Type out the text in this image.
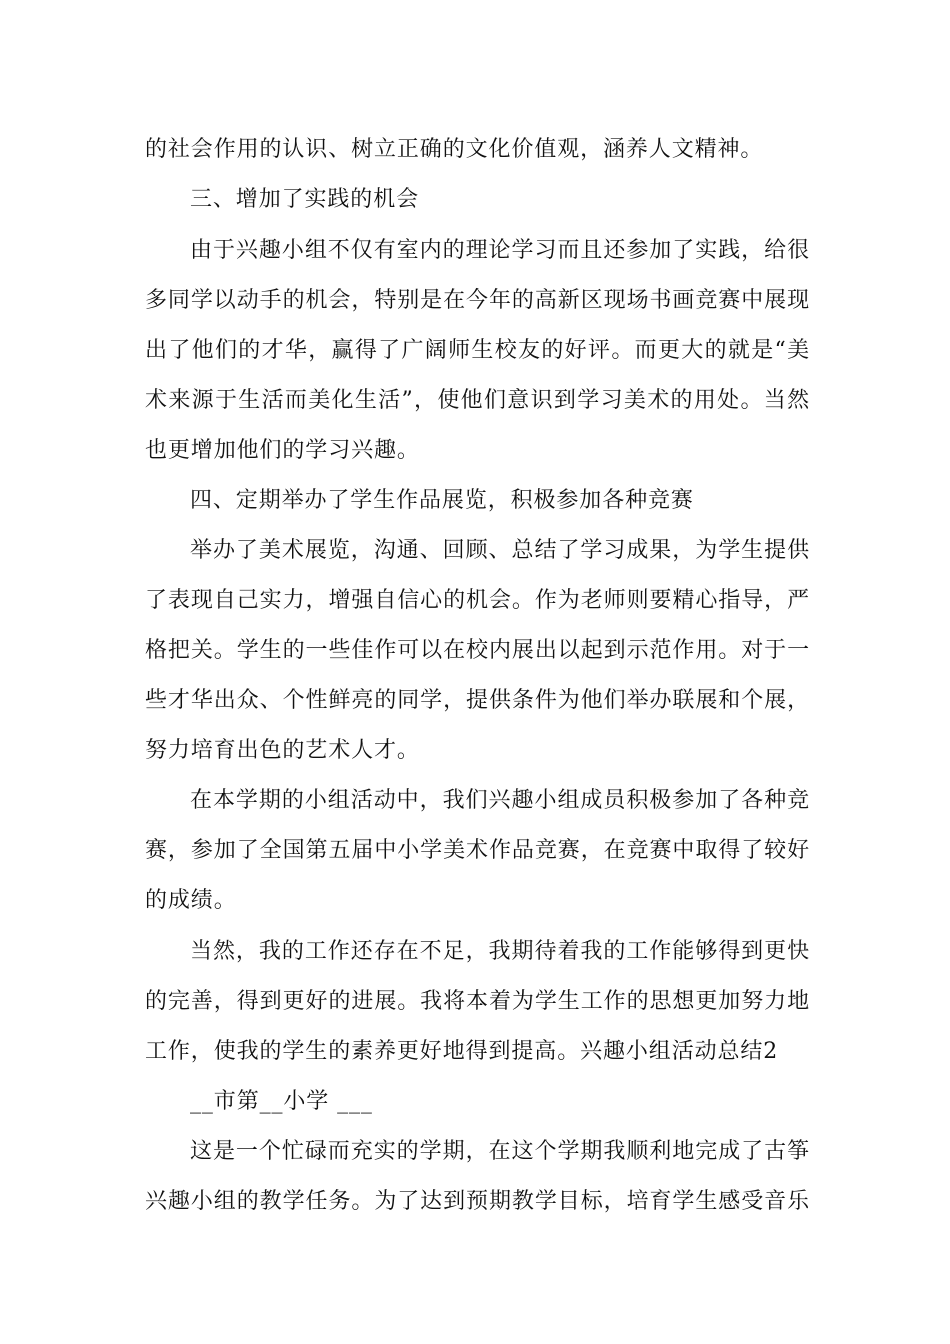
的社会作用的认识、树立正确的文化价值观，涵养人文精神。
三、增加了实践的机会
由于兴趣小组不仅有室内的理论学习而且还参加了实践，给很
多同学以动手的机会，特别是在今年的高新区现场书画竞赛中展现
出了他们的才华，赢得了广阔师生校友的好评。而更大的就是“美
术来源于生活而美化生活”，使他们意识到学习美术的用处。当然
也更增加他们的学习兴趣。
四、定期举办了学生作品展览，积极参加各种竞赛
举办了美术展览，沟通、回顾、总结了学习成果，为学生提供
了表现自己实力，增强自信心的机会。作为老师则要精心指导，严
格把关。学生的一些佳作可以在校内展出以起到示范作用。对于一
些才华出众、个性鲜亮的同学，提供条件为他们举办联展和个展，
努力培育出色的艺术人才。
在本学期的小组活动中，我们兴趣小组成员积极参加了各种竞
赛，参加了全国第五届中小学美术作品竞赛，在竞赛中取得了较好
的成绩。
当然，我的工作还存在不足，我期待着我的工作能够得到更快
的完善，得到更好的进展。我将本着为学生工作的思想更加努力地
工作，使我的学生的素养更好地得到提高。兴趣小组活动总结2
__市第__小学 ___
这是一个忙碌而充实的学期，在这个学期我顺利地完成了古筝
兴趣小组的教学任务。为了达到预期教学目标，培育学生感受音乐
